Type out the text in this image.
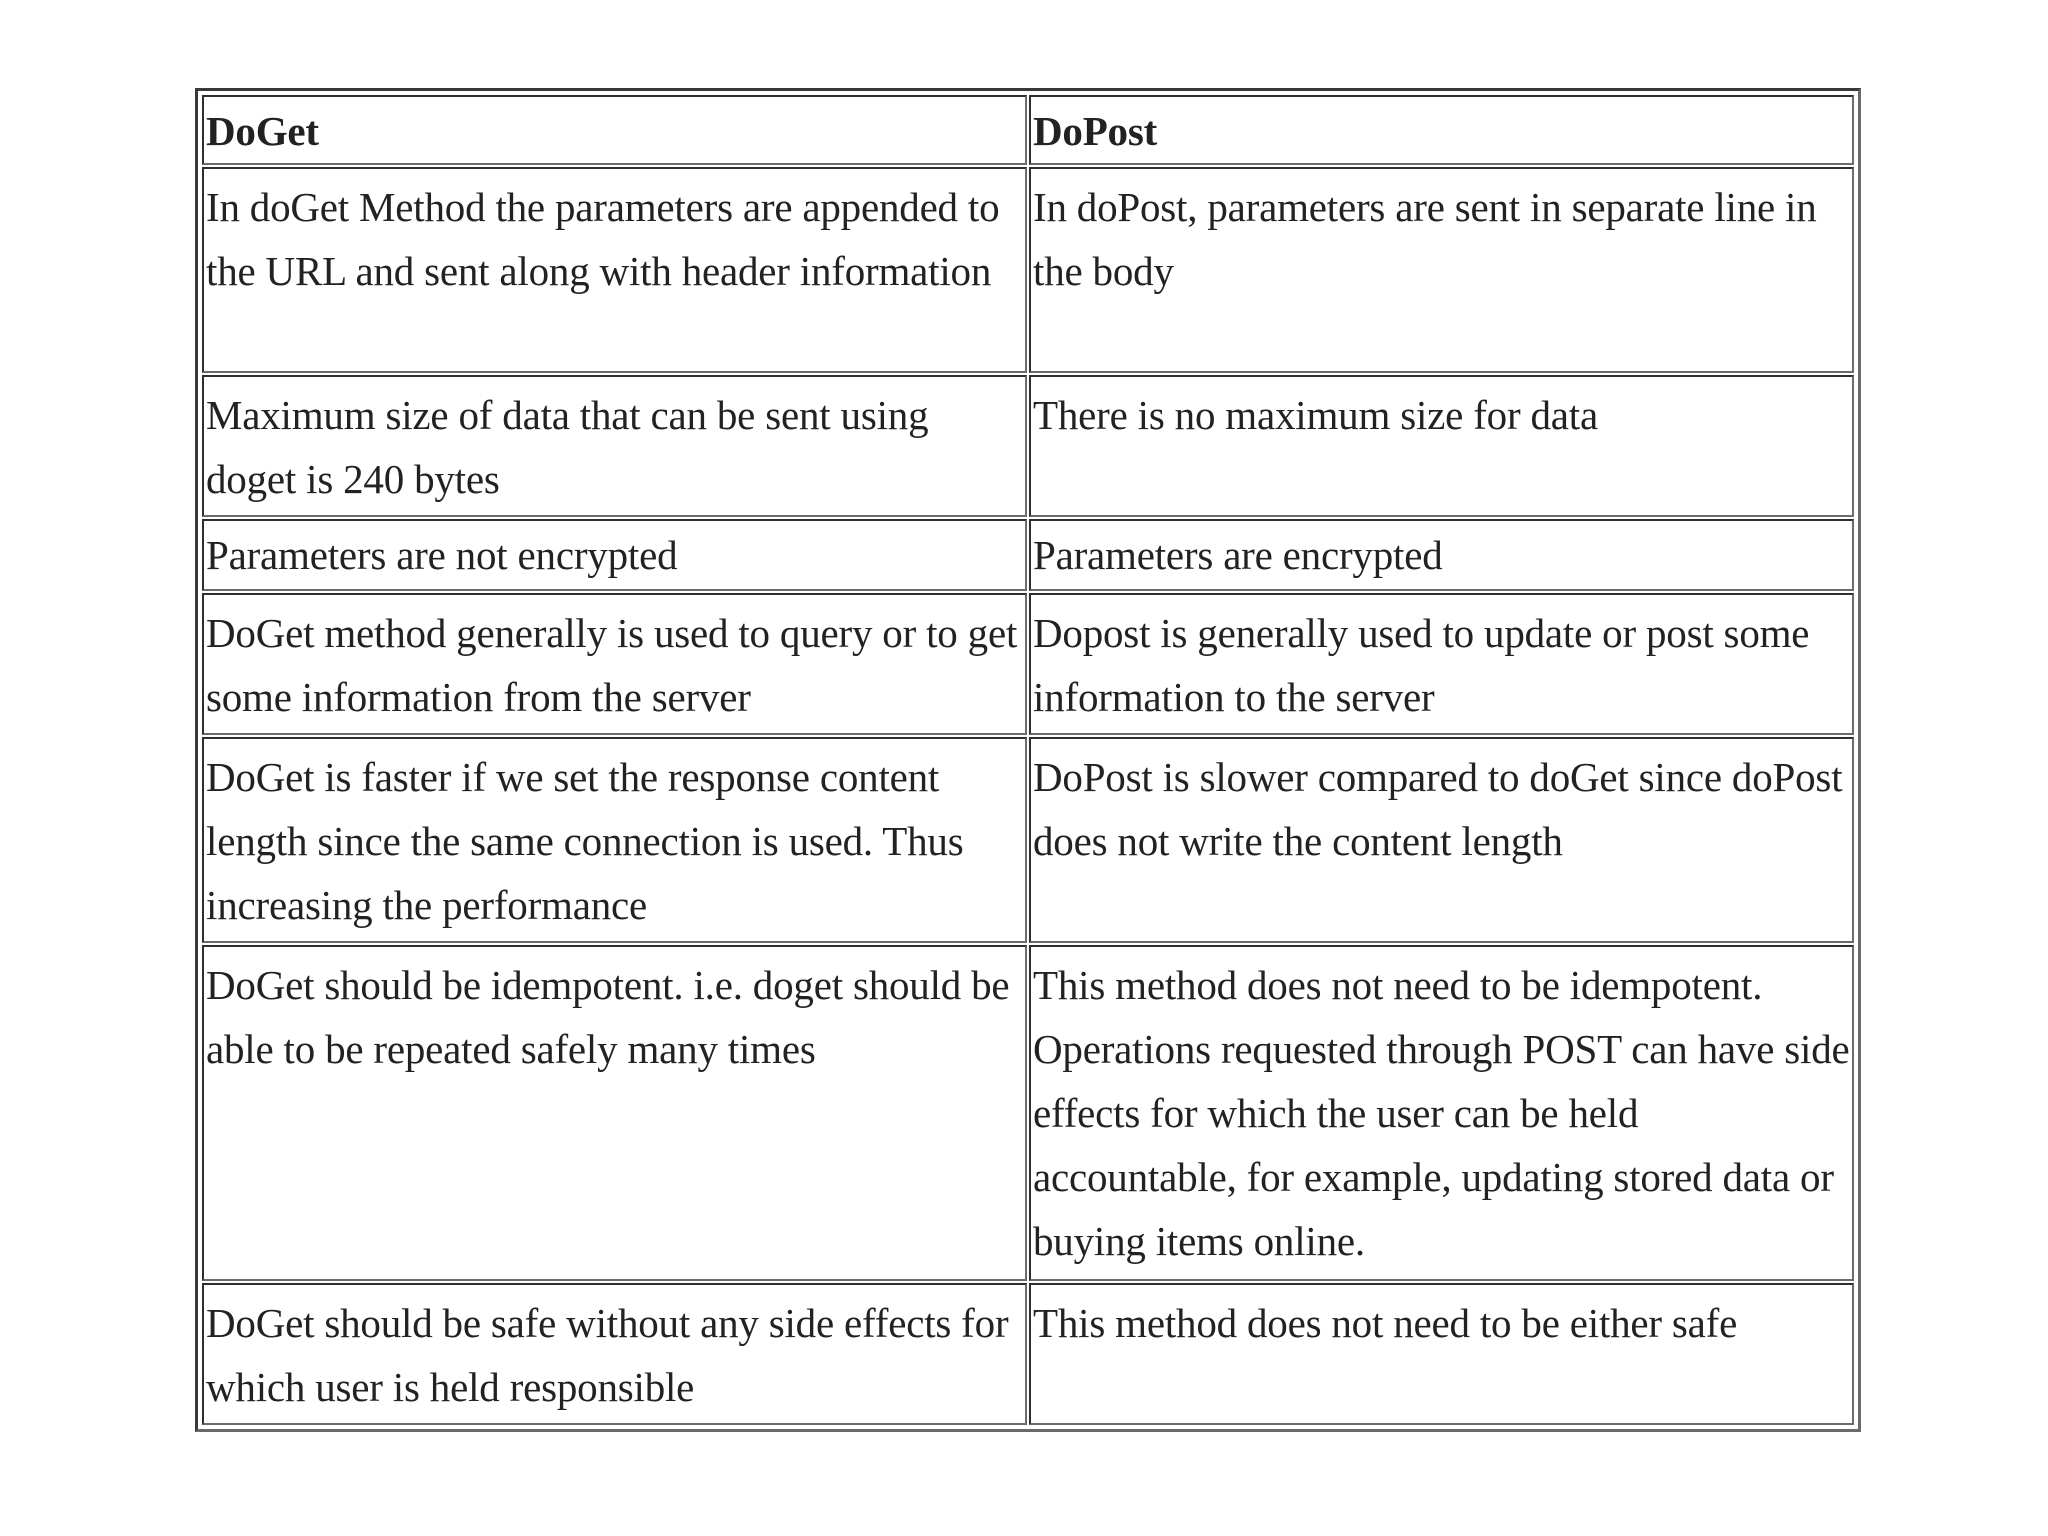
DoGet	DoPost
In doGet Method the parameters are appended to the URL and sent along with header information	In doPost, parameters are sent in separate line in the body
Maximum size of data that can be sent using doget is 240 bytes	There is no maximum size for data
Parameters are not encrypted	Parameters are encrypted
DoGet method generally is used to query or to get some information from the server	Dopost is generally used to update or post some information to the server
DoGet is faster if we set the response content length since the same connection is used. Thus increasing the performance	DoPost is slower compared to doGet since doPost does not write the content length
DoGet should be idempotent. i.e. doget should be able to be repeated safely many times	This method does not need to be idempotent. Operations requested through POST can have side effects for which the user can be held accountable, for example, updating stored data or buying items online.
DoGet should be safe without any side effects for which user is held responsible	This method does not need to be either safe
